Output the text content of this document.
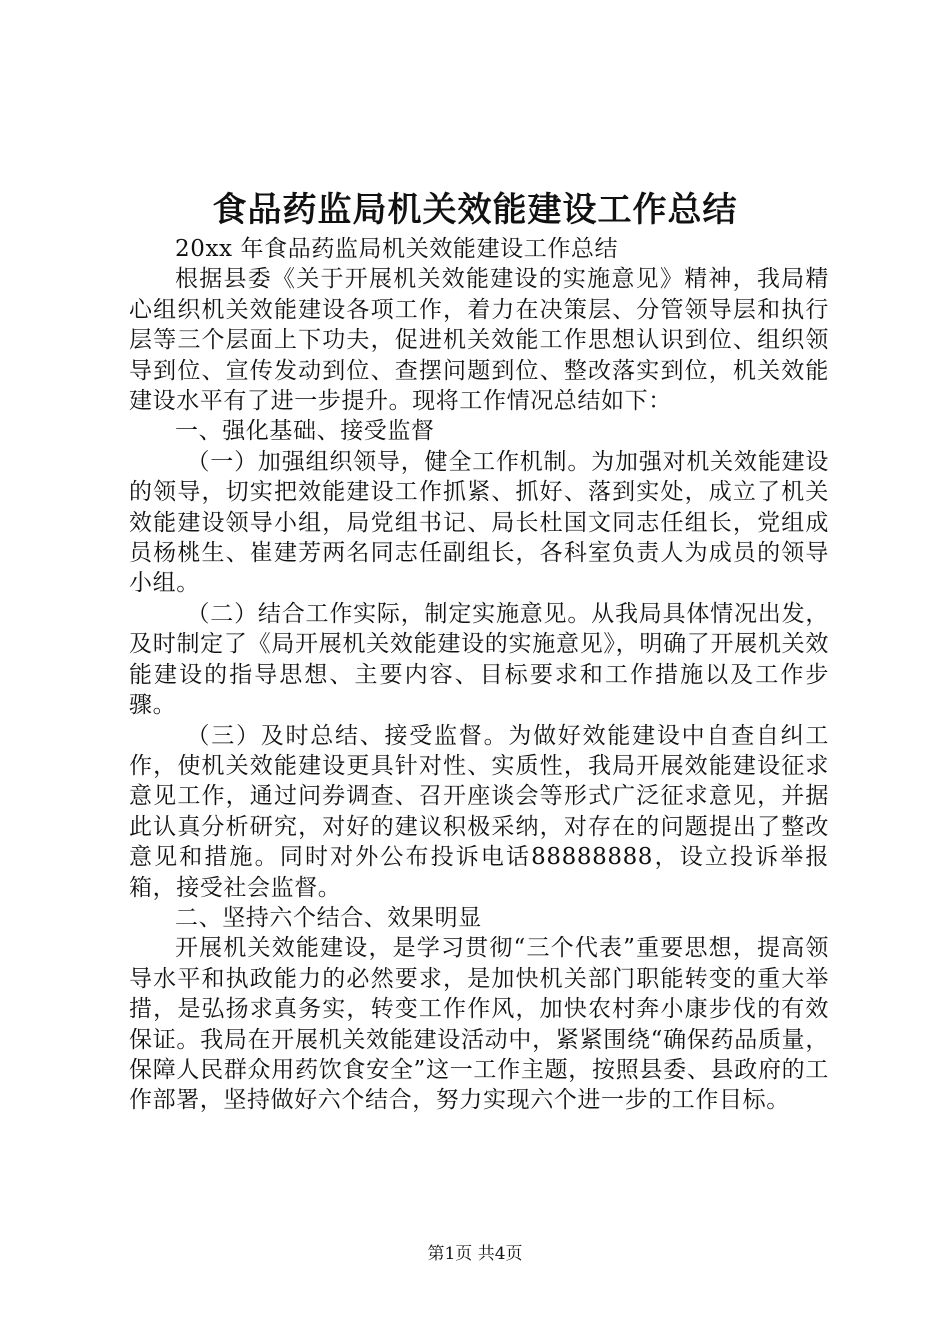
食品药监局机关效能建设工作总结

20xx 年食品药监局机关效能建设工作总结

根据县委《关于开展机关效能建设的实施意见》精神，我局精心组织机关效能建设各项工作，着力在决策层、分管领导层和执行层等三个层面上下功夫，促进机关效能工作思想认识到位、组织领导到位、宣传发动到位、查摆问题到位、整改落实到位，机关效能建设水平有了进一步提升。现将工作情况总结如下：

一、强化基础、接受监督

（一）加强组织领导，健全工作机制。为加强对机关效能建设的领导，切实把效能建设工作抓紧、抓好、落到实处，成立了机关效能建设领导小组，局党组书记、局长杜国文同志任组长，党组成员杨桃生、崔建芳两名同志任副组长，各科室负责人为成员的领导小组。

（二）结合工作实际，制定实施意见。从我局具体情况出发，及时制定了《局开展机关效能建设的实施意见》，明确了开展机关效能建设的指导思想、主要内容、目标要求和工作措施以及工作步骤。

（三）及时总结、接受监督。为做好效能建设中自查自纠工作，使机关效能建设更具针对性、实质性，我局开展效能建设征求意见工作，通过问券调查、召开座谈会等形式广泛征求意见，并据此认真分析研究，对好的建议积极采纳，对存在的问题提出了整改意见和措施。同时对外公布投诉电话88888888，设立投诉举报箱，接受社会监督。

二、坚持六个结合、效果明显

开展机关效能建设，是学习贯彻“三个代表”重要思想，提高领导水平和执政能力的必然要求，是加快机关部门职能转变的重大举措，是弘扬求真务实，转变工作作风，加快农村奔小康步伐的有效保证。我局在开展机关效能建设活动中，紧紧围绕“确保药品质量，保障人民群众用药饮食安全”这一工作主题，按照县委、县政府的工作部署，坚持做好六个结合，努力实现六个进一步的工作目标。

第1页 共4页
